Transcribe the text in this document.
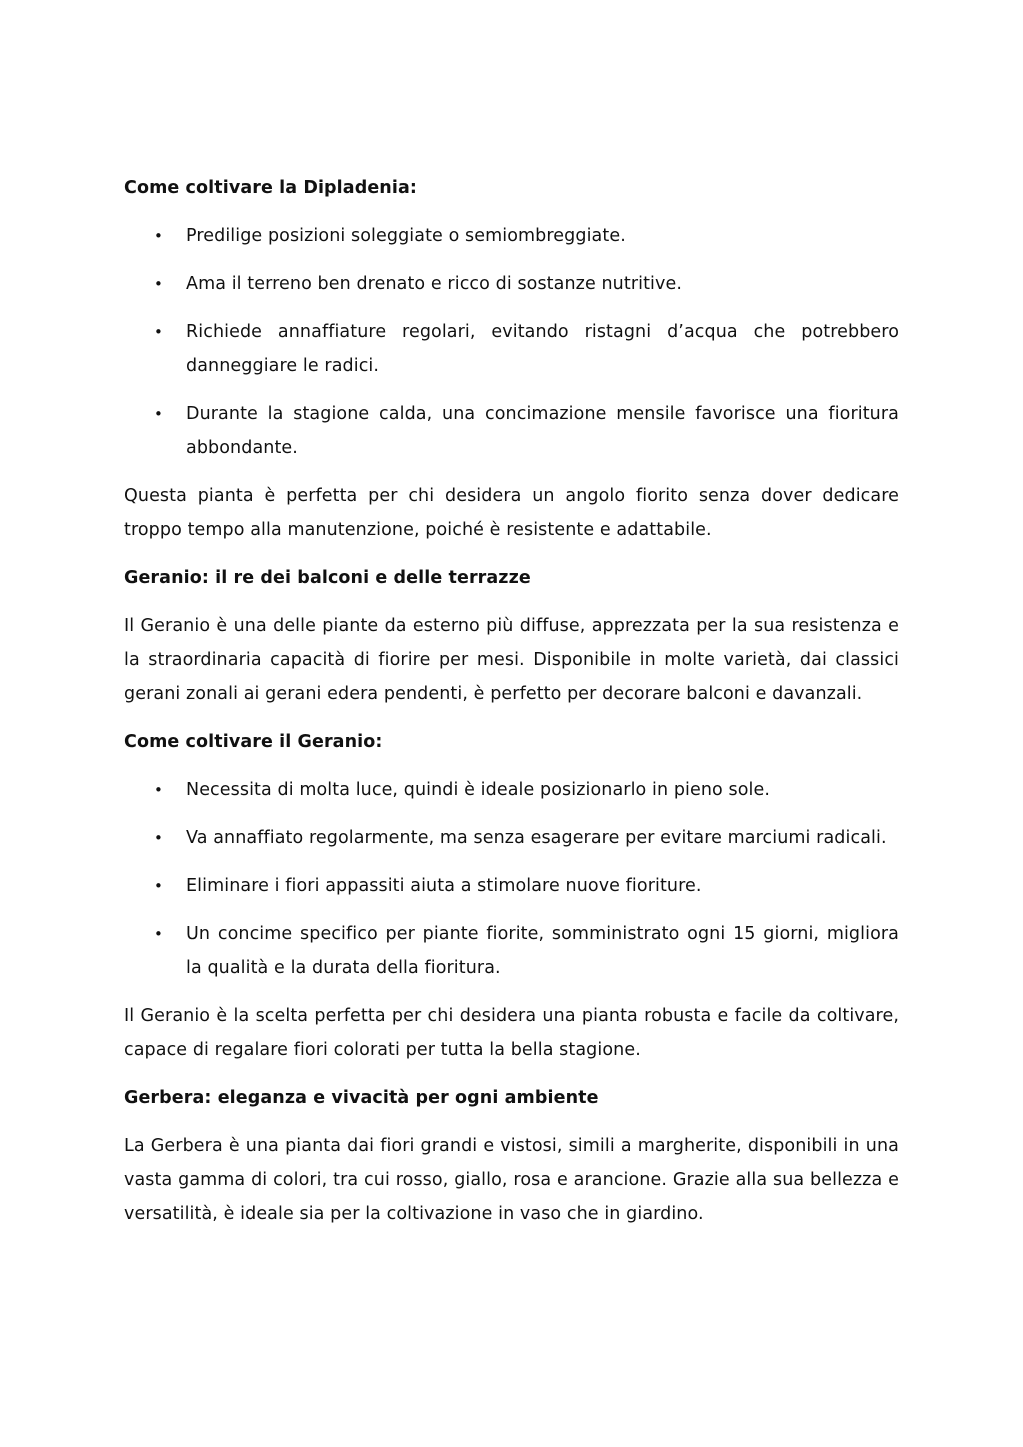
Come coltivare la Dipladenia:
• Predilige posizioni soleggiate o semiombreggiate.
• Ama il terreno ben drenato e ricco di sostanze nutritive.
• Richiede annaffiature regolari, evitando ristagni d’acqua che potrebbero danneggiare le radici.
• Durante la stagione calda, una concimazione mensile favorisce una fioritura abbondante.

Questa pianta è perfetta per chi desidera un angolo fiorito senza dover dedicare troppo tempo alla manutenzione, poiché è resistente e adattabile.

Geranio: il re dei balconi e delle terrazze

Il Geranio è una delle piante da esterno più diffuse, apprezzata per la sua resistenza e la straordinaria capacità di fiorire per mesi. Disponibile in molte varietà, dai classici gerani zonali ai gerani edera pendenti, è perfetto per decorare balconi e davanzali.

Come coltivare il Geranio:
• Necessita di molta luce, quindi è ideale posizionarlo in pieno sole.
• Va annaffiato regolarmente, ma senza esagerare per evitare marciumi radicali.
• Eliminare i fiori appassiti aiuta a stimolare nuove fioriture.
• Un concime specifico per piante fiorite, somministrato ogni 15 giorni, migliora la qualità e la durata della fioritura.

Il Geranio è la scelta perfetta per chi desidera una pianta robusta e facile da coltivare, capace di regalare fiori colorati per tutta la bella stagione.

Gerbera: eleganza e vivacità per ogni ambiente

La Gerbera è una pianta dai fiori grandi e vistosi, simili a margherite, disponibili in una vasta gamma di colori, tra cui rosso, giallo, rosa e arancione. Grazie alla sua bellezza e versatilità, è ideale sia per la coltivazione in vaso che in giardino.
